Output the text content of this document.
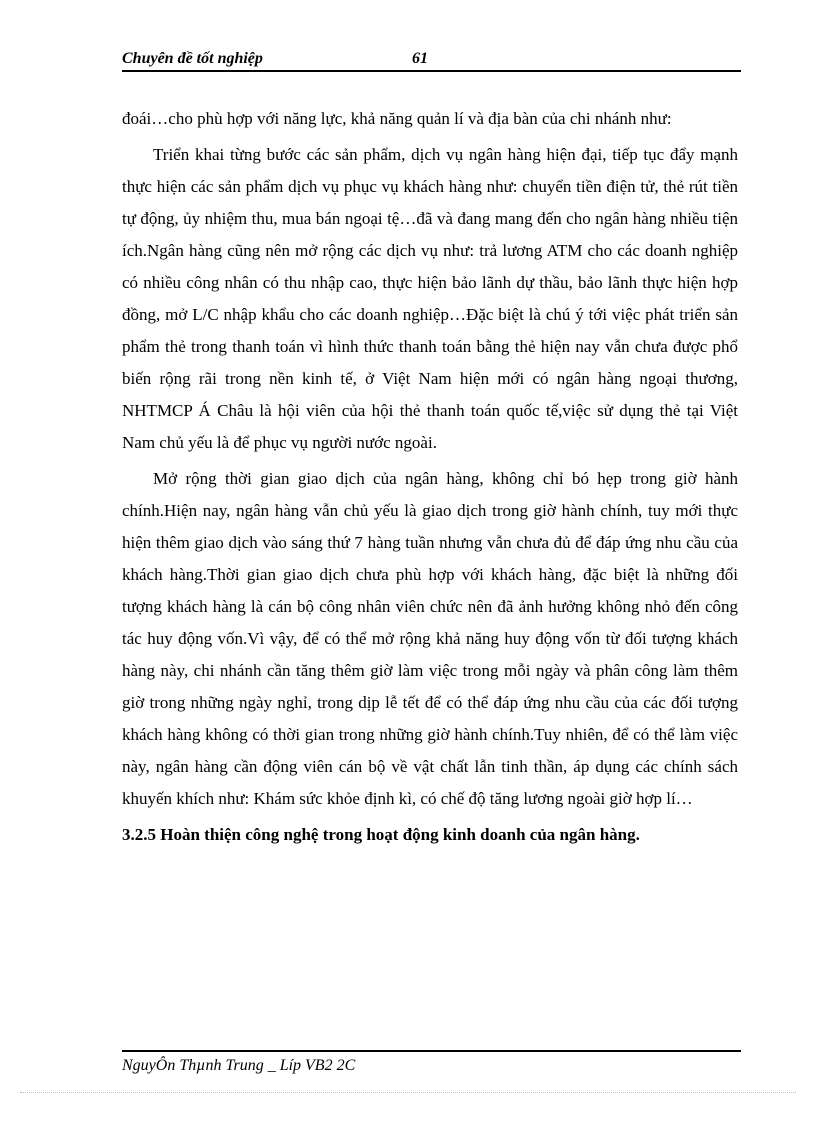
Chuyên đề tốt nghiệp	61

đoái…cho phù hợp với năng lực, khả năng quản lí và địa bàn của chi nhánh như:

Triển khai từng bước các sản phẩm, dịch vụ ngân hàng hiện đại, tiếp tục đẩy mạnh thực hiện các sản phẩm dịch vụ phục vụ khách hàng như: chuyển tiền điện tử, thẻ rút tiền tự động, ủy nhiệm thu, mua bán ngoại tệ…đã và đang mang đến cho ngân hàng nhiều tiện ích.Ngân hàng cũng nên mở rộng các dịch vụ như: trả lương ATM cho các doanh nghiệp có nhiều công nhân có thu nhập cao, thực hiện bảo lãnh dự thầu, bảo lãnh thực hiện hợp đồng, mở L/C nhập khẩu cho các doanh nghiệp…Đặc biệt là chú ý tới việc phát triển sản phẩm thẻ trong thanh toán vì hình thức thanh toán bằng thẻ hiện nay vẫn chưa được phổ biến rộng rãi trong nền kinh tế, ở Việt Nam hiện mới có ngân hàng ngoại thương, NHTMCP Á Châu là hội viên của hội thẻ thanh toán quốc tế,việc sử dụng thẻ tại Việt Nam chủ yếu là để phục vụ người nước ngoài.

Mở rộng thời gian giao dịch của ngân hàng, không chỉ bó hẹp trong giờ hành chính.Hiện nay, ngân hàng vẫn chủ yếu là giao dịch trong giờ hành chính, tuy mới thực hiện thêm giao dịch vào sáng thứ 7 hàng tuần nhưng vẫn chưa đủ để đáp ứng nhu cầu của khách hàng.Thời gian giao dịch chưa phù hợp với khách hàng, đặc biệt là những đối tượng khách hàng là cán bộ công nhân viên chức nên đã ảnh hưởng không nhỏ đến công tác huy động vốn.Vì vậy, để có thể mở rộng khả năng huy động vốn từ đối tượng khách hàng này, chi nhánh cần tăng thêm giờ làm việc trong mỗi ngày và phân công làm thêm giờ trong những ngày nghỉ, trong dịp lễ tết để có thể đáp ứng nhu cầu của các đối tượng khách hàng không có thời gian trong những giờ hành chính.Tuy nhiên, để có thể làm việc này, ngân hàng cần động viên cán bộ về vật chất lẫn tinh thần, áp dụng các chính sách khuyến khích như: Khám sức khỏe định kì, có chế độ tăng lương ngoài giờ hợp lí…

3.2.5 Hoàn thiện công nghệ trong hoạt động kinh doanh của ngân hàng.

NguyÔn Thµnh Trung _ Líp VB2 2C
